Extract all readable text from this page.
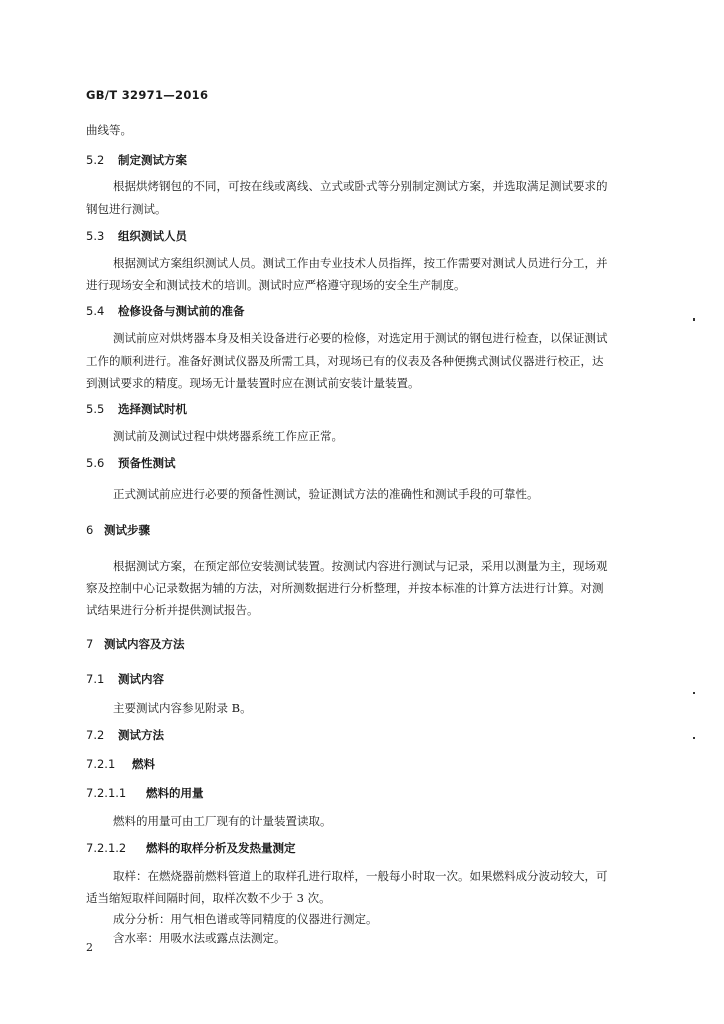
GB/T 32971—2016
曲线等。
5.2 制定测试方案
根据烘烤钢包的不同，可按在线或离线、立式或卧式等分别制定测试方案，并选取满足测试要求的
钢包进行测试。
5.3 组织测试人员
根据测试方案组织测试人员。测试工作由专业技术人员指挥，按工作需要对测试人员进行分工，并
进行现场安全和测试技术的培训。测试时应严格遵守现场的安全生产制度。
5.4 检修设备与测试前的准备
测试前应对烘烤器本身及相关设备进行必要的检修，对选定用于测试的钢包进行检查，以保证测试
工作的顺利进行。准备好测试仪器及所需工具，对现场已有的仪表及各种便携式测试仪器进行校正，达
到测试要求的精度。现场无计量装置时应在测试前安装计量装置。
5.5 选择测试时机
测试前及测试过程中烘烤器系统工作应正常。
5.6 预备性测试
正式测试前应进行必要的预备性测试，验证测试方法的准确性和测试手段的可靠性。
6 测试步骤
根据测试方案，在预定部位安装测试装置。按测试内容进行测试与记录，采用以测量为主，现场观
察及控制中心记录数据为辅的方法，对所测数据进行分析整理，并按本标准的计算方法进行计算。对测
试结果进行分析并提供测试报告。
7 测试内容及方法
7.1 测试内容
主要测试内容参见附录 B。
7.2 测试方法
7.2.1 燃料
7.2.1.1 燃料的用量
燃料的用量可由工厂现有的计量装置读取。
7.2.1.2 燃料的取样分析及发热量测定
取样：在燃烧器前燃料管道上的取样孔进行取样，一般每小时取一次。如果燃料成分波动较大，可
适当缩短取样间隔时间，取样次数不少于 3 次。
成分分析：用气相色谱或等同精度的仪器进行测定。
含水率：用吸水法或露点法测定。
2
